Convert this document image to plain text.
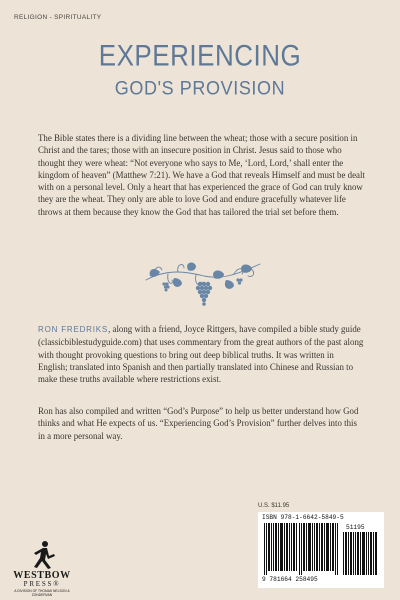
RELIGION - SPIRITUALITY
EXPERIENCING
GOD'S PROVISION

The Bible states there is a dividing line between the wheat; those with a secure position in Christ and the tares; those with an insecure position in Christ. Jesus said to those who thought they were wheat: “Not everyone who says to Me, ‘Lord, Lord,’ shall enter the kingdom of heaven” (Matthew 7:21). We have a God that reveals Himself and must be dealt with on a personal level. Only a heart that has experienced the grace of God can truly know they are the wheat. They only are able to love God and endure gracefully whatever life throws at them because they know the God that has tailored the trial set before them.

RON FREDRIKS, along with a friend, Joyce Rittgers, have compiled a bible study guide (classicbiblestudyguide.com) that uses commentary from the great authors of the past along with thought provoking questions to bring out deep biblical truths. It was written in English; translated into Spanish and then partially translated into Chinese and Russian to make these truths available where restrictions exist.

Ron has also compiled and written “God’s Purpose” to help us better understand how God thinks and what He expects of us. “Experiencing God’s Provision” further delves into this in a more personal way.

U.S. $11.95
ISBN 978-1-6642-5849-5
51195
9 781664 258495
WESTBOW
PRESS®
A DIVISION OF THOMAS NELSON & ZONDERVAN
